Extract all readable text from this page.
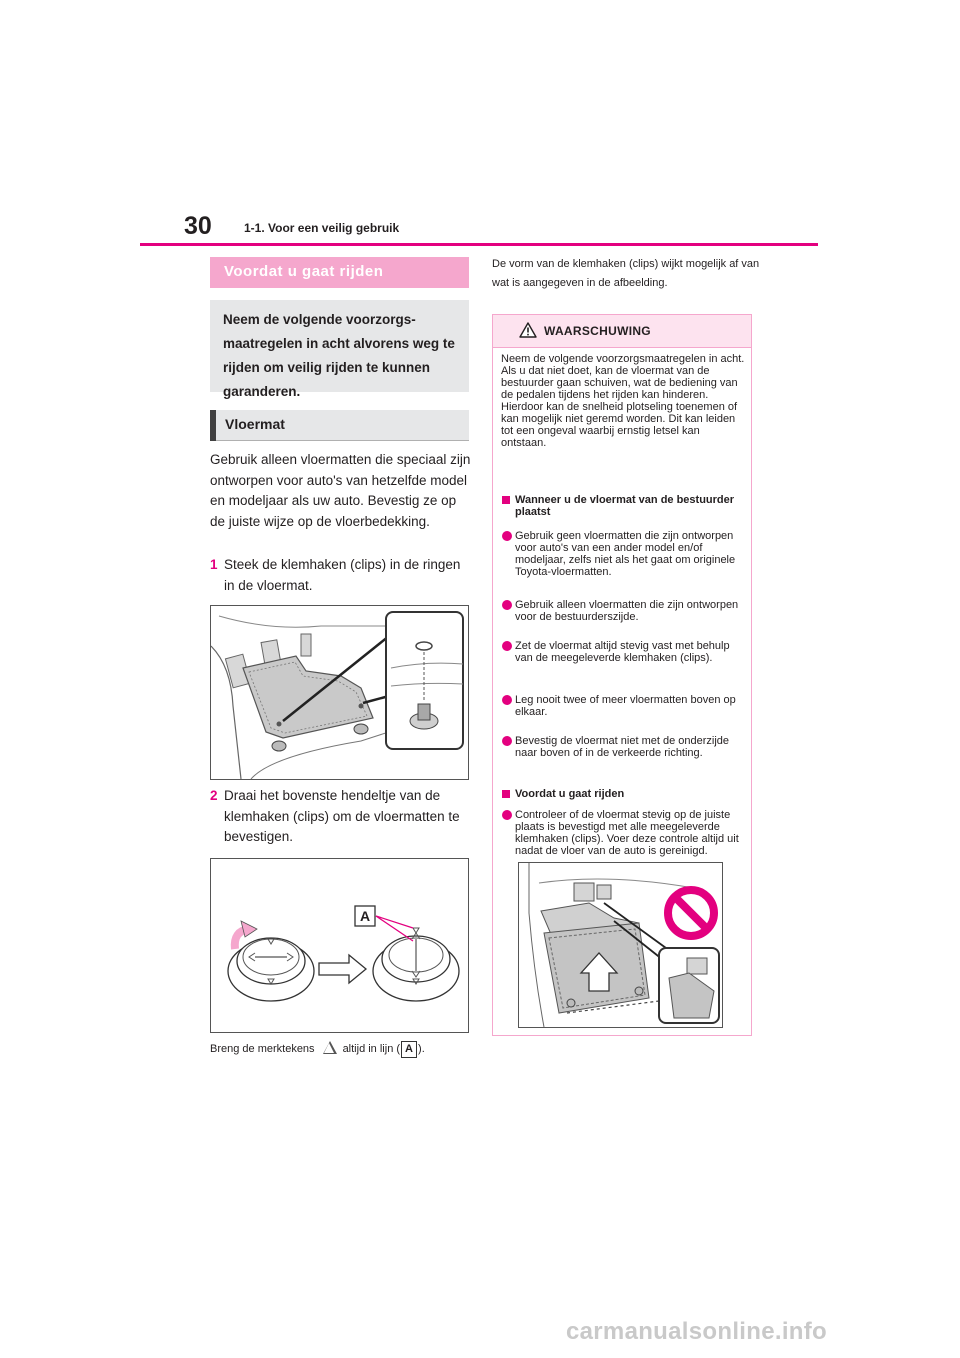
30	1-1. Voor een veilig gebruik
Voordat u gaat rijden
Neem de volgende voorzorgsmaatregelen in acht alvorens weg te rijden om veilig rijden te kunnen garanderen.
Vloermat
Gebruik alleen vloermatten die speciaal zijn ontworpen voor auto's van hetzelfde model en modeljaar als uw auto. Bevestig ze op de juiste wijze op de vloerbedekking.
1 Steek de klemhaken (clips) in de ringen in de vloermat.
2 Draai het bovenste hendeltje van de klemhaken (clips) om de vloermatten te bevestigen.
A
Breng de merktekens	altijd in lijn ( A ).
De vorm van de klemhaken (clips) wijkt mogelijk af van wat is aangegeven in de afbeelding.
WAARSCHUWING
Neem de volgende voorzorgsmaatregelen in acht.
Als u dat niet doet, kan de vloermat van de bestuurder gaan schuiven, wat de bediening van de pedalen tijdens het rijden kan hinderen. Hierdoor kan de snelheid plotseling toenemen of kan mogelijk niet geremd worden. Dit kan leiden tot een ongeval waarbij ernstig letsel kan ontstaan.
Wanneer u de vloermat van de bestuurder plaatst
Gebruik geen vloermatten die zijn ontworpen voor auto's van een ander model en/of modeljaar, zelfs niet als het gaat om originele Toyota-vloermatten.
Gebruik alleen vloermatten die zijn ontworpen voor de bestuurderszijde.
Zet de vloermat altijd stevig vast met behulp van de meegeleverde klemhaken (clips).
Leg nooit twee of meer vloermatten boven op elkaar.
Bevestig de vloermat niet met de onderzijde naar boven of in de verkeerde richting.
Voordat u gaat rijden
Controleer of de vloermat stevig op de juiste plaats is bevestigd met alle meegeleverde klemhaken (clips). Voer deze controle altijd uit nadat de vloer van de auto is gereinigd.
carmanualsonline.info
